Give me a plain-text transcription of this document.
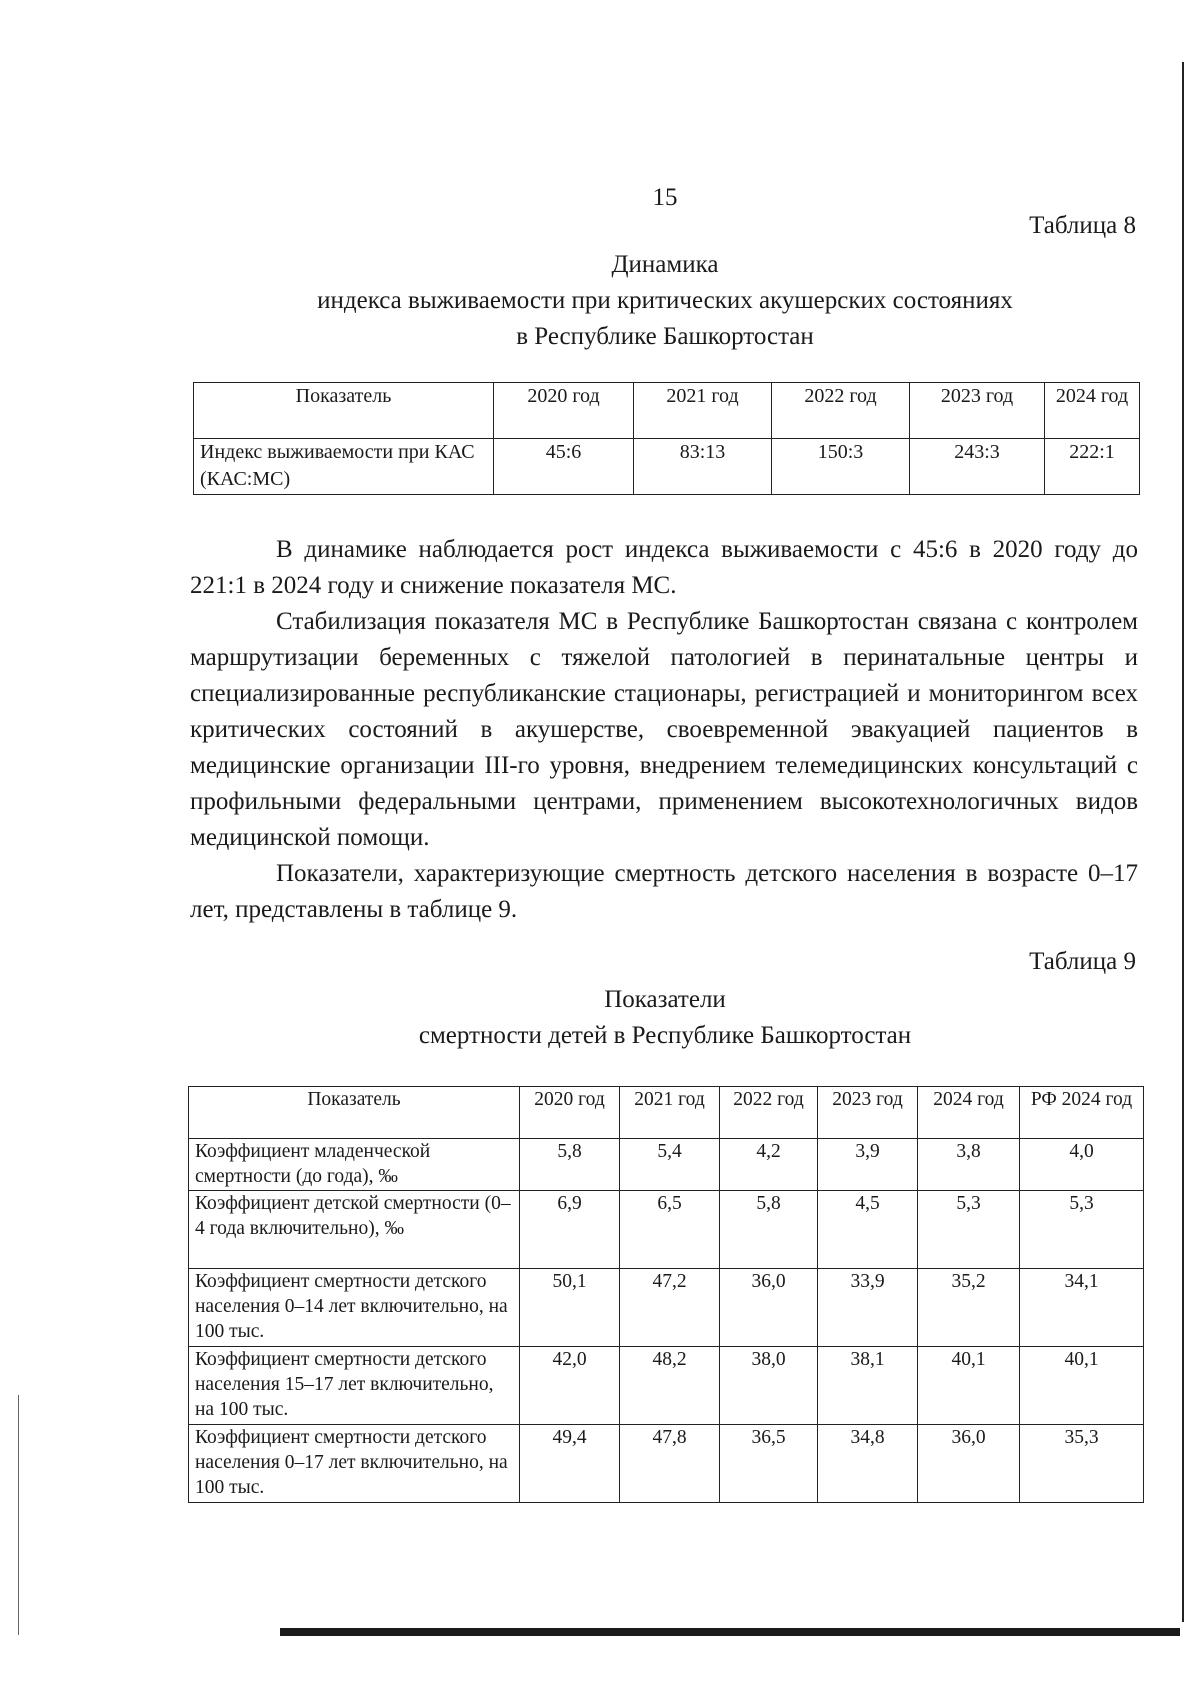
15
Таблица 8
Динамика
индекса выживаемости при критических акушерских состояниях
в Республике Башкортостан
Показатель	2020 год	2021 год	2022 год	2023 год	2024 год
Индекс выживаемости при КАС (КАС:МС)	45:6	83:13	150:3	243:3	222:1

В динамике наблюдается рост индекса выживаемости с 45:6 в 2020 году до 221:1 в 2024 году и снижение показателя МС.

Стабилизация показателя МС в Республике Башкортостан связана с контролем маршрутизации беременных с тяжелой патологией в перинатальные центры и специализированные республиканские стационары, регистрацией и мониторингом всех критических состояний в акушерстве, своевременной эвакуацией пациентов в медицинские организации III-го уровня, внедрением телемедицинских консультаций с профильными федеральными центрами, применением высокотехнологичных видов медицинской помощи.

Показатели, характеризующие смертность детского населения в возрасте 0–17 лет, представлены в таблице 9.

Таблица 9
Показатели
смертности детей в Республике Башкортостан
Показатель	2020 год	2021 год	2022 год	2023 год	2024 год	РФ 2024 год
Коэффициент младенческой смертности (до года), ‰	5,8	5,4	4,2	3,9	3,8	4,0
Коэффициент детской смертности (0–4 года включительно), ‰	6,9	6,5	5,8	4,5	5,3	5,3
Коэффициент смертности детского населения 0–14 лет включительно, на 100 тыс.	50,1	47,2	36,0	33,9	35,2	34,1
Коэффициент смертности детского населения 15–17 лет включительно, на 100 тыс.	42,0	48,2	38,0	38,1	40,1	40,1
Коэффициент смертности детского населения 0–17 лет включительно, на 100 тыс.	49,4	47,8	36,5	34,8	36,0	35,3
